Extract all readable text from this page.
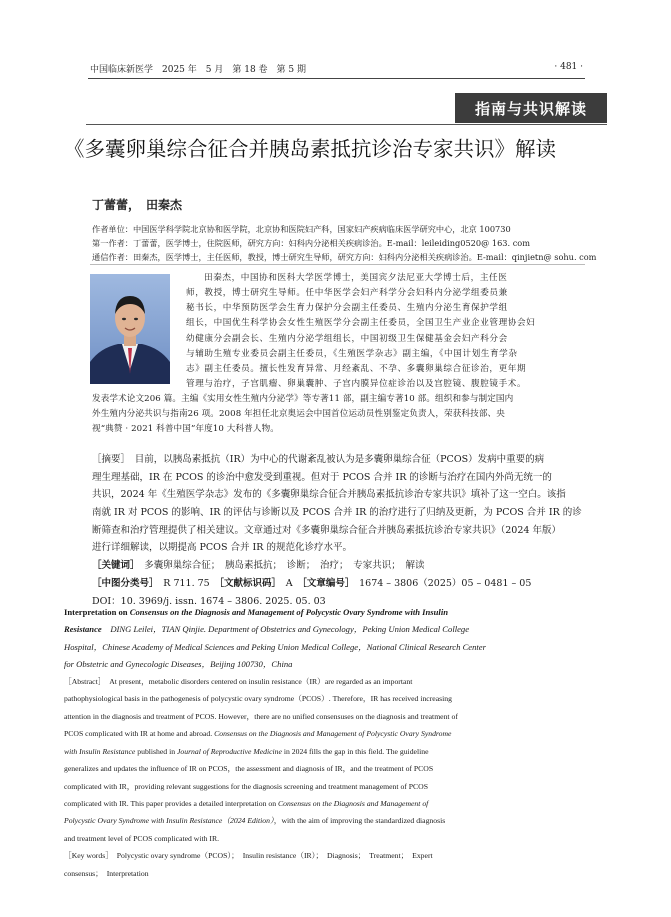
中国临床新医学　2025 年　5 月　第 18 卷　第 5 期	· 481 ·
指南与共识解读
《多囊卵巢综合征合并胰岛素抵抗诊治专家共识》解读
丁蕾蕾，　田秦杰
作者单位：中国医学科学院北京协和医学院，北京协和医院妇产科，国家妇产疾病临床医学研究中心，北京 100730
第一作者：丁蕾蕾，医学博士，住院医师，研究方向：妇科内分泌相关疾病诊治。E-mail：leileiding0520@ 163. com
通信作者：田秦杰，医学博士，主任医师，教授，博士研究生导师，研究方向：妇科内分泌相关疾病诊治。E-mail：qinjietn@ sohu. com
田秦杰，中国协和医科大学医学博士，美国宾夕法尼亚大学博士后，主任医
师，教授，博士研究生导师。任中华医学会妇产科学分会妇科内分泌学组委员兼
秘书长，中华预防医学会生育力保护分会副主任委员、生殖内分泌生育保护学组
组长，中国优生科学协会女性生殖医学分会副主任委员，全国卫生产业企业管理协会妇
幼健康分会副会长、生殖内分泌学组组长，中国初级卫生保健基金会妇产科分会
与辅助生殖专业委员会副主任委员，《生殖医学杂志》副主编，《中国计划生育学杂
志》副主任委员。擅长性发育异常、月经紊乱、不孕、多囊卵巢综合征诊治，更年期
管理与治疗，子宫肌瘤、卵巢囊肿、子宫内膜异位症诊治以及宫腔镜、腹腔镜手术。
发表学术论文206 篇。主编《实用女性生殖内分泌学》等专著11 部，副主编专著10 部。组织和参与制定国内
外生殖内分泌共识与指南26 项。2008 年担任北京奥运会中国首位运动员性别鉴定负责人，荣获科技部、央
视“典赞 · 2021 科普中国”年度10 大科普人物。
［摘要］　目前，以胰岛素抵抗（IR）为中心的代谢紊乱被认为是多囊卵巢综合征（PCOS）发病中重要的病
理生理基础，IR 在 PCOS 的诊治中愈发受到重视。但对于 PCOS 合并 IR 的诊断与治疗在国内外尚无统一的
共识，2024 年《生殖医学杂志》发布的《多囊卵巢综合征合并胰岛素抵抗诊治专家共识》填补了这一空白。该指
南就 IR 对 PCOS 的影响、IR 的评估与诊断以及 PCOS 合并 IR 的治疗进行了归纳及更新，为 PCOS 合并 IR 的诊
断筛查和治疗管理提供了相关建议。文章通过对《多囊卵巢综合征合并胰岛素抵抗诊治专家共识》（2024 年版）
进行详细解读，以期提高 PCOS 合并 IR 的规范化诊疗水平。
［关键词］　多囊卵巢综合征；　胰岛素抵抗；　诊断；　治疗；　专家共识；　解读
［中图分类号］　R 711. 75　［文献标识码］　A　［文章编号］　1674 – 3806（2025）05 – 0481 – 05
DOI：10. 3969/j. issn. 1674 – 3806. 2025. 05. 03
Interpretation on Consensus on the Diagnosis and Management of Polycystic Ovary Syndrome with Insulin
Resistance　DING Leilei，TIAN Qinjie. Department of Obstetrics and Gynecology，Peking Union Medical College
Hospital，Chinese Academy of Medical Sciences and Peking Union Medical College，National Clinical Research Center
for Obstetric and Gynecologic Diseases，Beijing 100730，China
［Abstract］　At present，metabolic disorders centered on insulin resistance（IR）are regarded as an important
pathophysiological basis in the pathogenesis of polycystic ovary syndrome（PCOS）. Therefore，IR has received increasing
attention in the diagnosis and treatment of PCOS. However，there are no unified consensuses on the diagnosis and treatment of
PCOS complicated with IR at home and abroad. Consensus on the Diagnosis and Management of Polycystic Ovary Syndrome
with Insulin Resistance published in Journal of Reproductive Medicine in 2024 fills the gap in this field. The guideline
generalizes and updates the influence of IR on PCOS，the assessment and diagnosis of IR，and the treatment of PCOS
complicated with IR，providing relevant suggestions for the diagnosis screening and treatment management of PCOS
complicated with IR. This paper provides a detailed interpretation on Consensus on the Diagnosis and Management of
Polycystic Ovary Syndrome with Insulin Resistance（2024 Edition），with the aim of improving the standardized diagnosis
and treatment level of PCOS complicated with IR.
［Key words］　Polycystic ovary syndrome（PCOS）；　Insulin resistance（IR）；　Diagnosis；　Treatment；　Expert
consensus；　Interpretation
